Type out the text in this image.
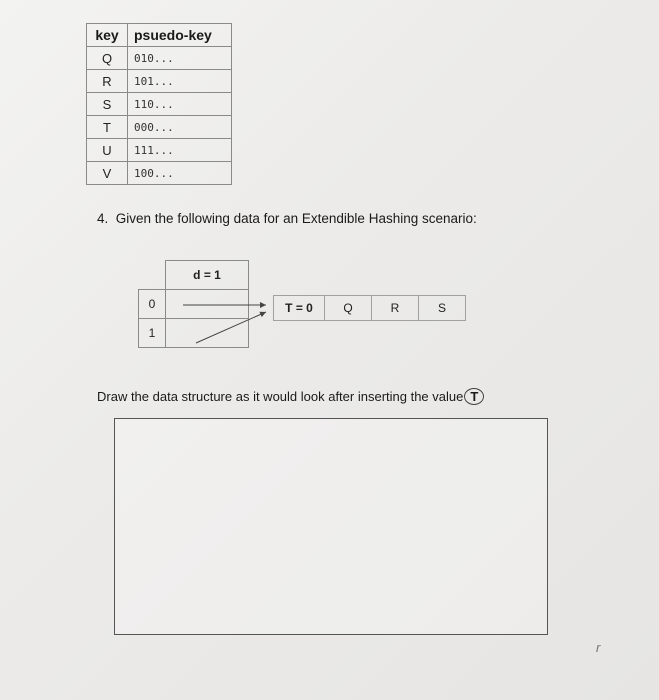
key	psuedo-key
Q	010...
R	101...
S	110...
T	000...
U	111...
V	100...
4. Given the following data for an Extendible Hashing scenario:
	d = 1
0	
1	
T = 0	Q	R	S
Draw the data structure as it would look after inserting the value T
r
